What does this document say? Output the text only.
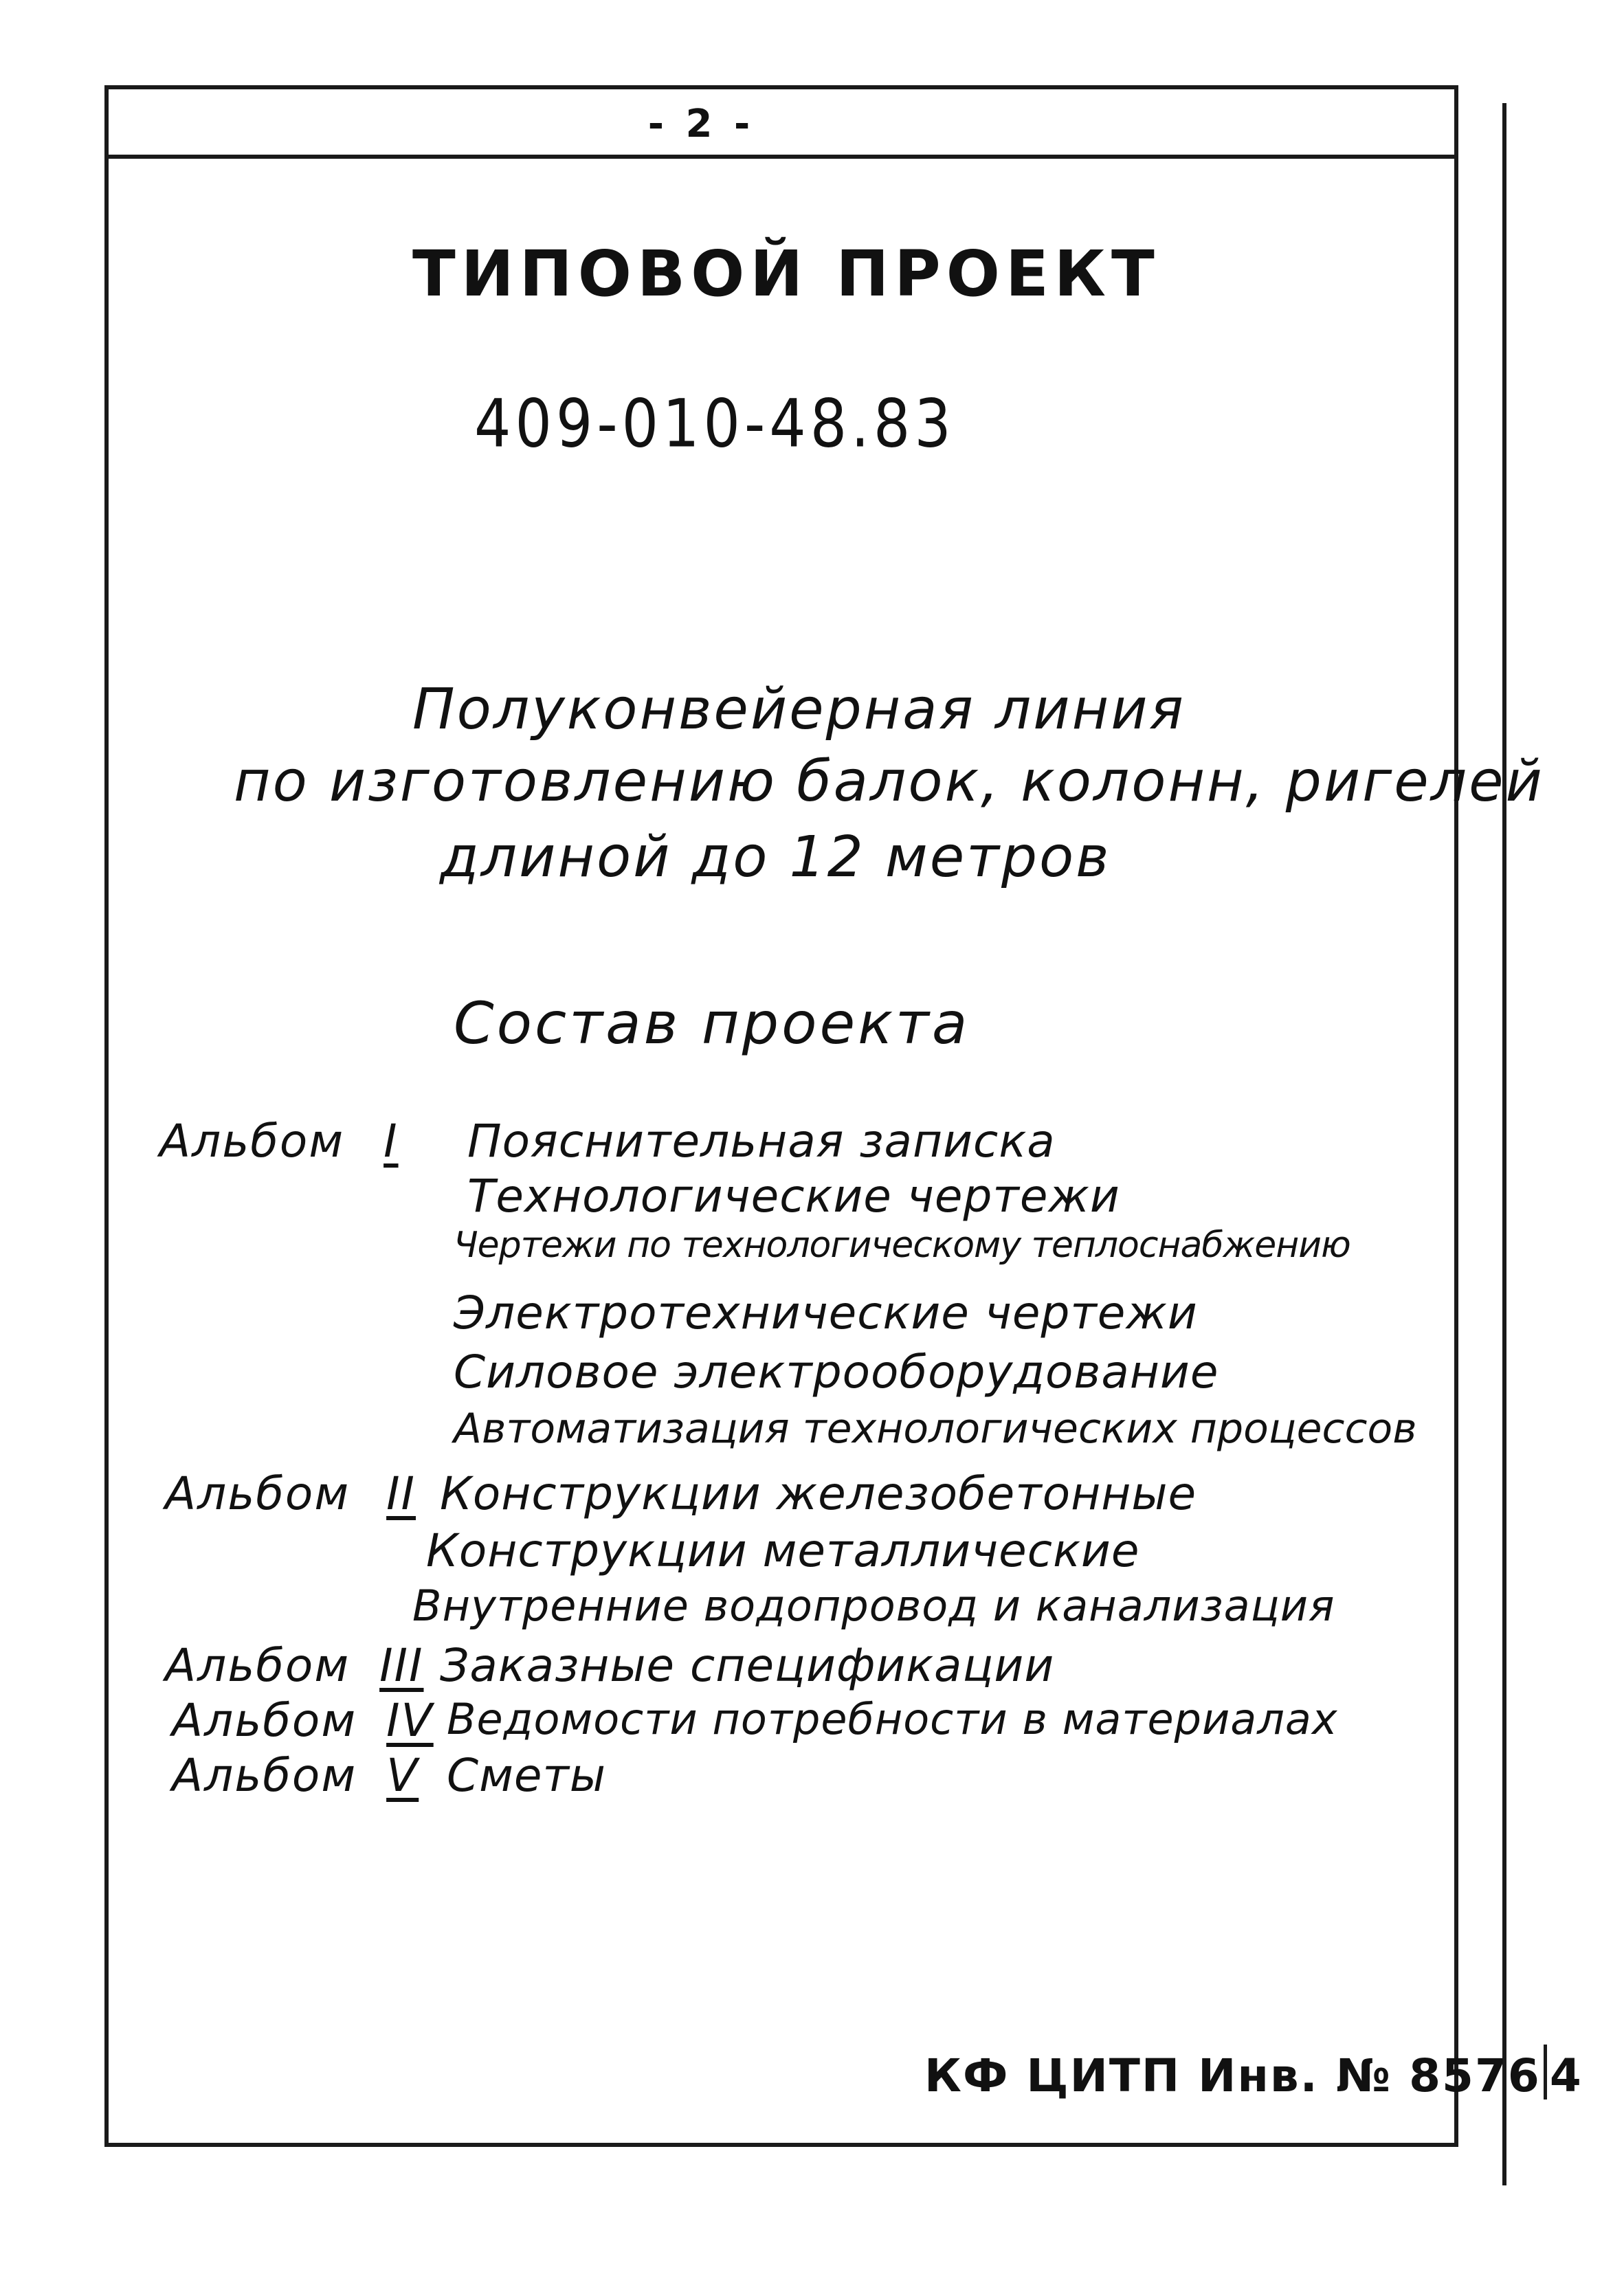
- 2 -
ТИПОВОЙ ПРОЕКТ
409-010-48.83
Полуконвейерная линия
по изготовлению балок, колонн, ригелей
длиной до 12 метров
Состав проекта
Альбом I Пояснительная записка
Технологические чертежи
Чертежи по технологическому теплоснабжению
Электротехнические чертежи
Силовое электрооборудование
Автоматизация технологических процессов
Альбом II Конструкции железобетонные
Конструкции металлические
Внутренние водопровод и канализация
Альбом III Заказные спецификации
Альбом IV Ведомости потребности в материалах
Альбом V Сметы
КФ ЦИТП Инв. № 8576 4
